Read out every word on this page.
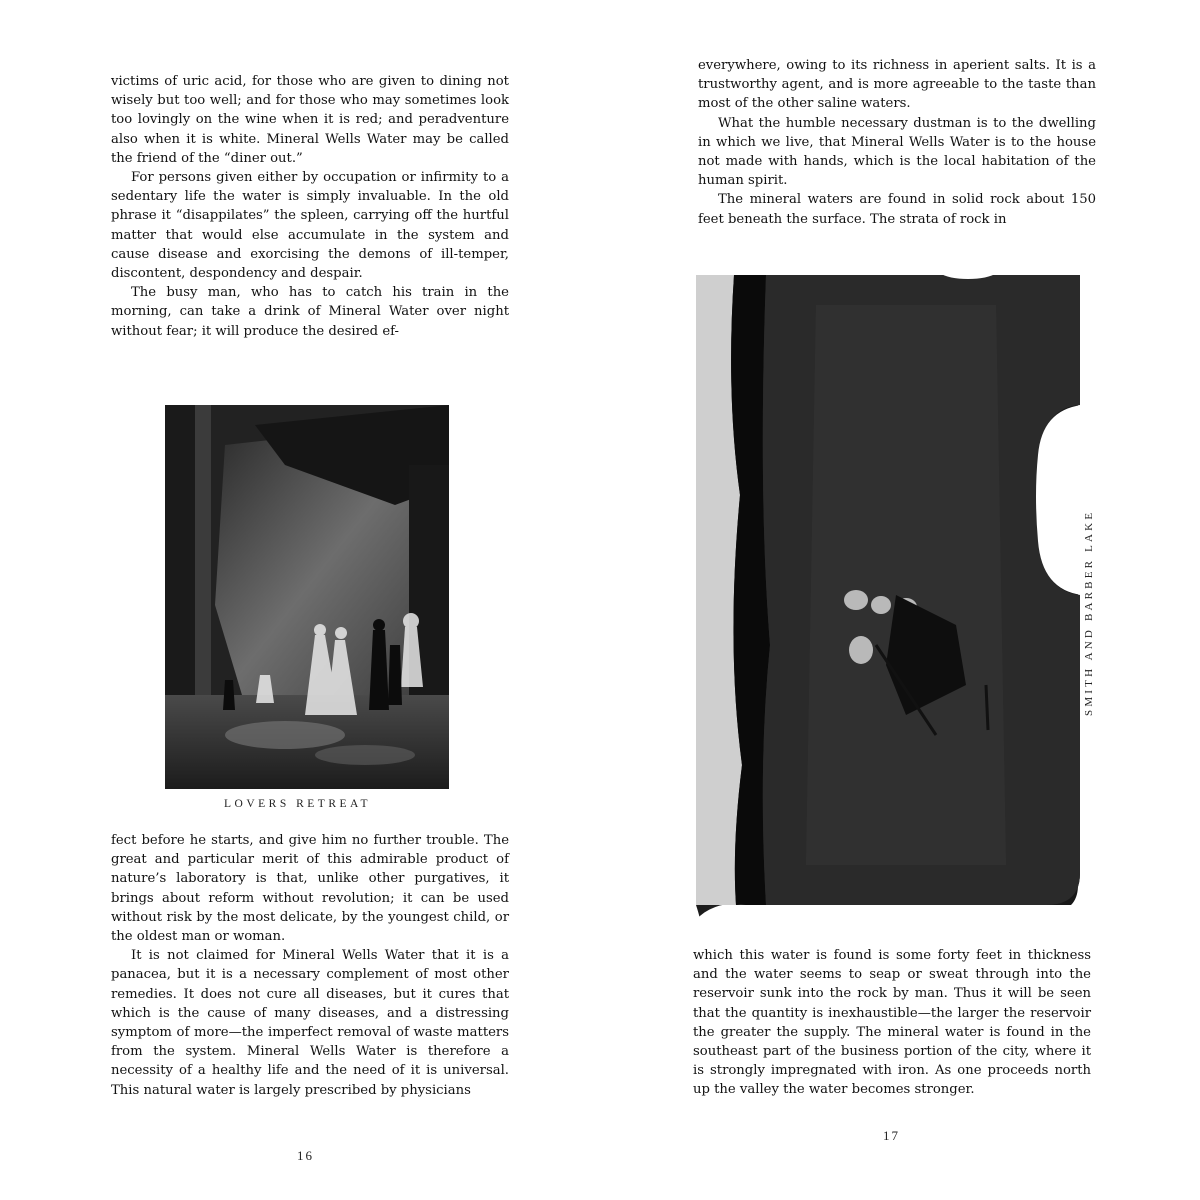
victims of uric acid, for those who are given to dining not wisely but too well; and for those who may sometimes look too lovingly on the wine when it is red; and peradventure also when it is white. Mineral Wells Water may be called the friend of the “diner out.”

For persons given either by occupation or infirmity to a sedentary life the water is simply invaluable. In the old phrase it “disappilates” the spleen, carrying off the hurtful matter that would else accumulate in the system and cause disease and exorcising the demons of ill-temper, discontent, despondency and despair.

The busy man, who has to catch his train in the morning, can take a drink of Mineral Water over night without fear; it will produce the desired ef-

LOVERS RETREAT

fect before he starts, and give him no further trouble. The great and particular merit of this admirable product of nature’s laboratory is that, unlike other purgatives, it brings about reform without revolution; it can be used without risk by the most delicate, by the youngest child, or the oldest man or woman.

It is not claimed for Mineral Wells Water that it is a panacea, but it is a necessary complement of most other remedies. It does not cure all diseases, but it cures that which is the cause of many diseases, and a distressing symptom of more—the imperfect removal of waste matters from the system. Mineral Wells Water is therefore a necessity of a healthy life and the need of it is universal. This natural water is largely prescribed by physicians

16

everywhere, owing to its richness in aperient salts. It is a trustworthy agent, and is more agreeable to the taste than most of the other saline waters.

What the humble necessary dustman is to the dwelling in which we live, that Mineral Wells Water is to the house not made with hands, which is the local habitation of the human spirit.

The mineral waters are found in solid rock about 150 feet beneath the surface. The strata of rock in

SMITH AND BARBER LAKE

which this water is found is some forty feet in thickness and the water seems to seap or sweat through into the reservoir sunk into the rock by man. Thus it will be seen that the quantity is inexhaustible—the larger the reservoir the greater the supply. The mineral water is found in the southeast part of the business portion of the city, where it is strongly impregnated with iron. As one proceeds north up the valley the water becomes stronger.

17
